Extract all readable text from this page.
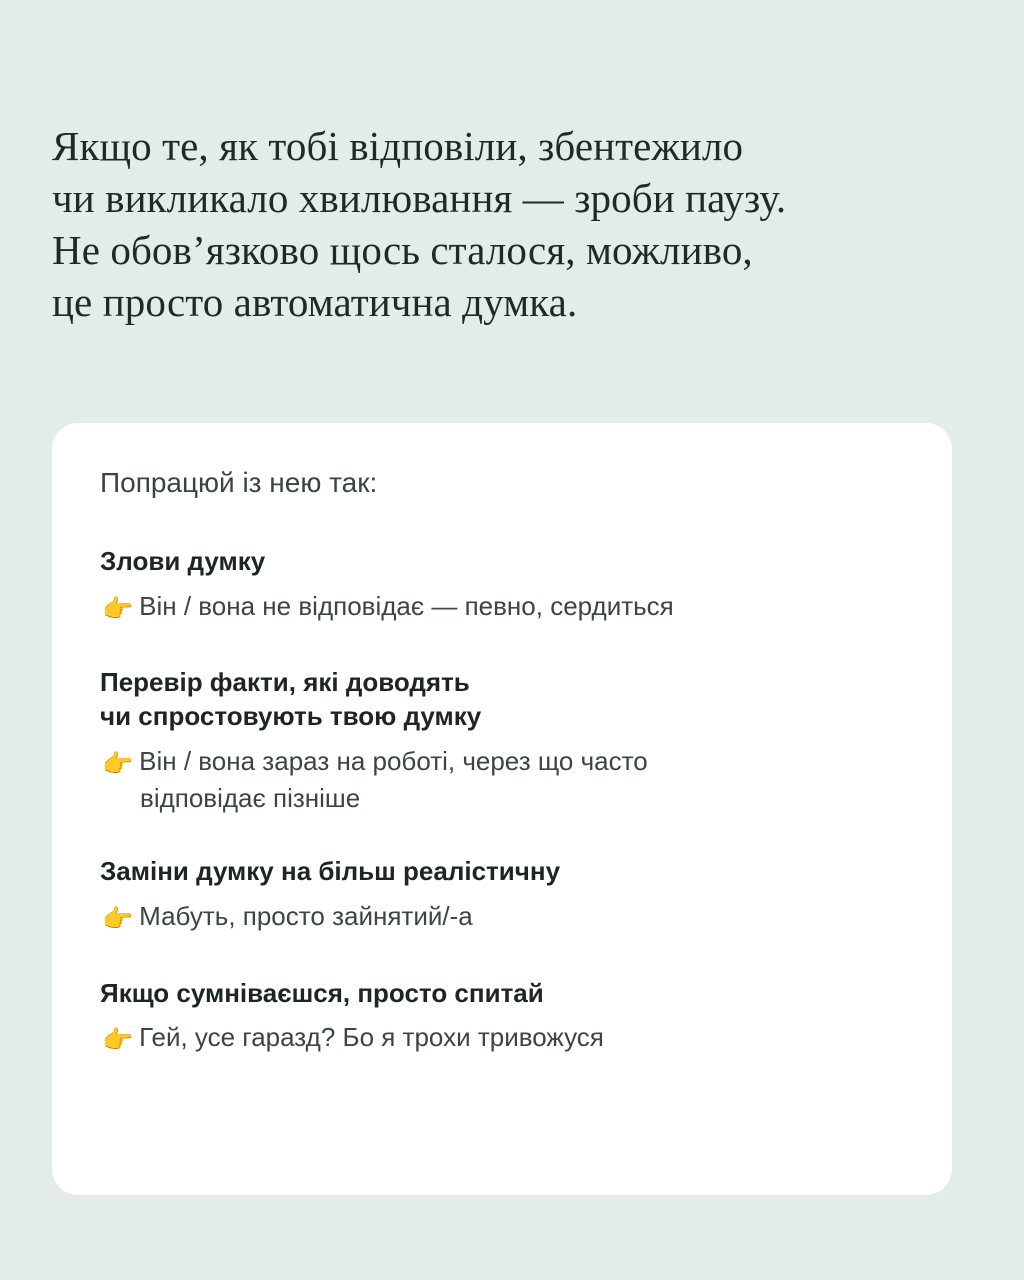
Якщо те, як тобі відповіли, збентежило
чи викликало хвилювання — зроби паузу.
Не обов’язково щось сталося, можливо,
це просто автоматична думка.

Попрацюй із нею так:

Злови думку

👉 Він / вона не відповідає — певно, сердиться

Перевір факти, які доводять
чи спростовують твою думку

👉 Він / вона зараз на роботі, через що часто
відповідає пізніше

Заміни думку на більш реалістичну

👉 Мабуть, просто зайнятий/-а

Якщо сумніваєшся, просто спитай

👉 Гей, усе гаразд? Бо я трохи тривожуся
